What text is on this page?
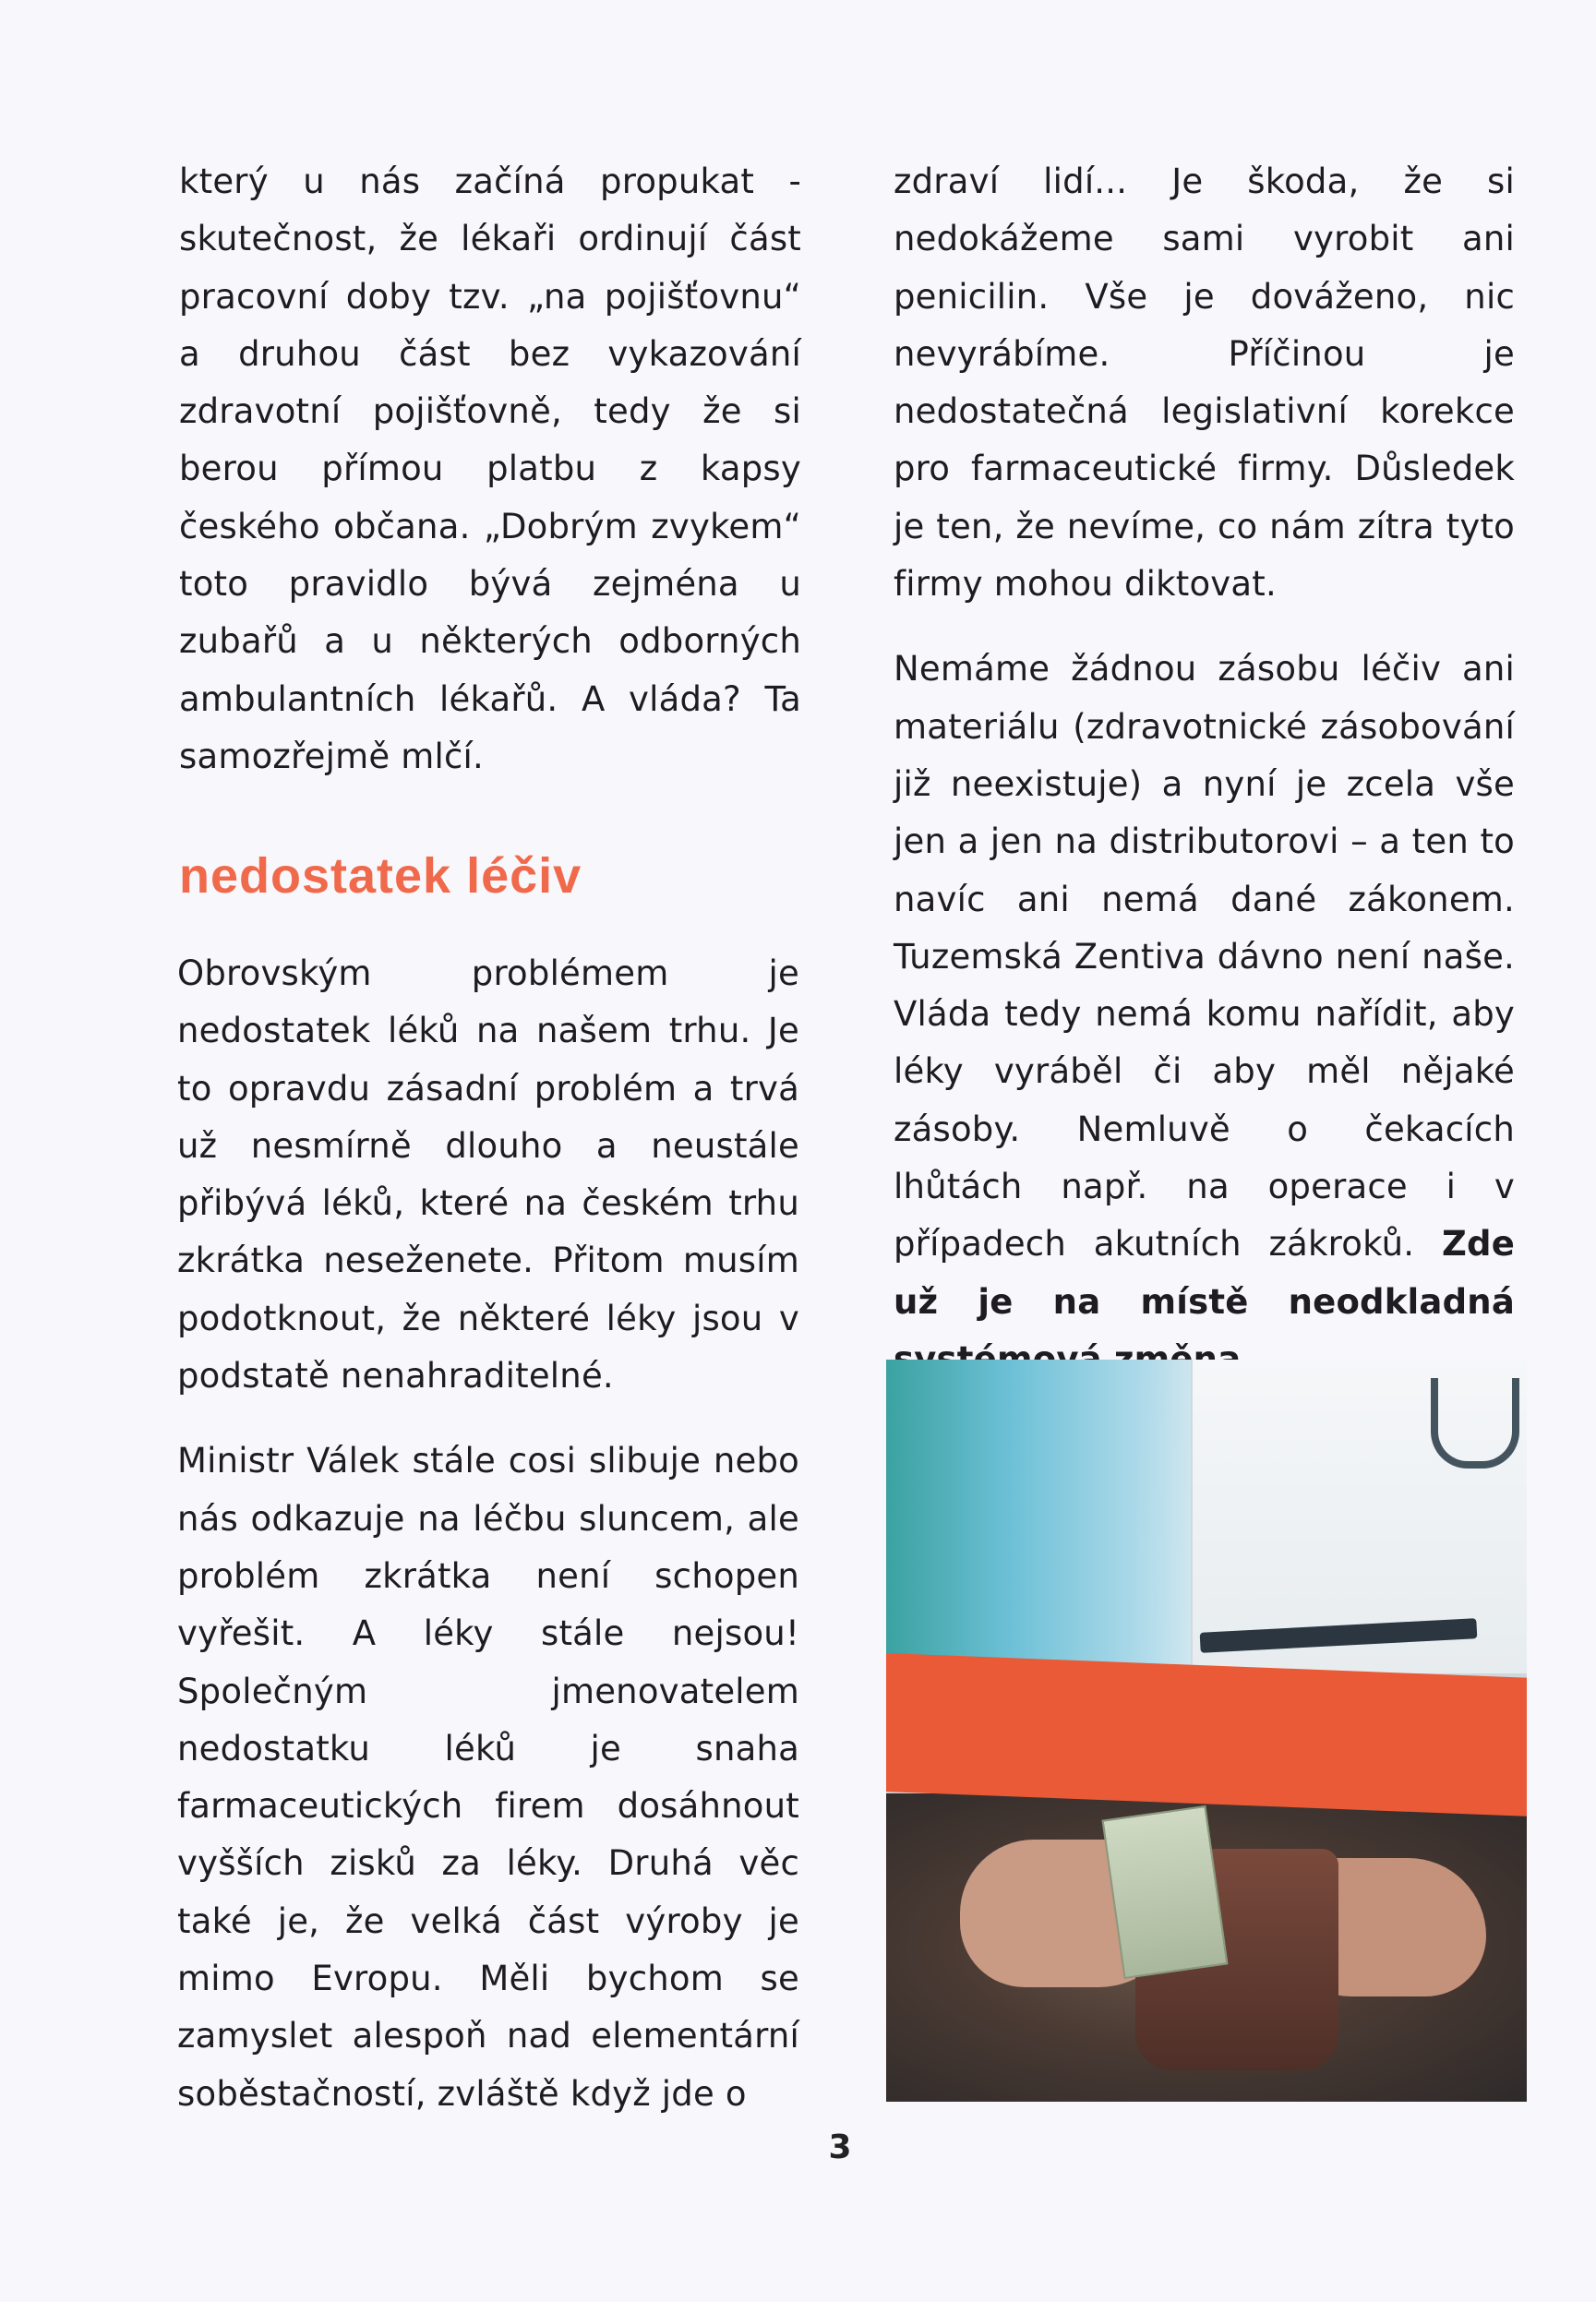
který u nás začíná propukat - skutečnost, že lékaři ordinují část pracovní doby tzv. „na pojišťovnu“ a druhou část bez vykazování zdravotní pojišťovně, tedy že si berou přímou platbu z kapsy českého občana. „Dobrým zvykem“ toto pravidlo bývá zejména u zubařů a u některých odborných ambulantních lékařů. A vláda? Ta samozřejmě mlčí.

nedostatek léčiv

Obrovským problémem je nedostatek léků na našem trhu. Je to opravdu zásadní problém a trvá už nesmírně dlouho a neustále přibývá léků, které na českém trhu zkrátka neseženete. Přitom musím podotknout, že některé léky jsou v podstatě nenahraditelné.

Ministr Válek stále cosi slibuje nebo nás odkazuje na léčbu sluncem, ale problém zkrátka není schopen vyřešit. A léky stále nejsou! Společným jmenovatelem nedostatku léků je snaha farmaceutických firem dosáhnout vyšších zisků za léky. Druhá věc také je, že velká část výroby je mimo Evropu. Měli bychom se zamyslet alespoň nad elementární soběstačností, zvláště když jde o

zdraví lidí... Je škoda, že si nedokážeme sami vyrobit ani penicilin. Vše je dováženo, nic nevyrábíme. Příčinou je nedostatečná legislativní korekce pro farmaceutické firmy. Důsledek je ten, že nevíme, co nám zítra tyto firmy mohou diktovat.

Nemáme žádnou zásobu léčiv ani materiálu (zdravotnické zásobování již neexistuje) a nyní je zcela vše jen a jen na distributorovi – a ten to navíc ani nemá dané zákonem. Tuzemská Zentiva dávno není naše. Vláda tedy nemá komu nařídit, aby léky vyráběl či aby měl nějaké zásoby. Nemluvě o čekacích lhůtách např. na operace i v případech akutních zákroků. Zde už je na místě neodkladná

3
